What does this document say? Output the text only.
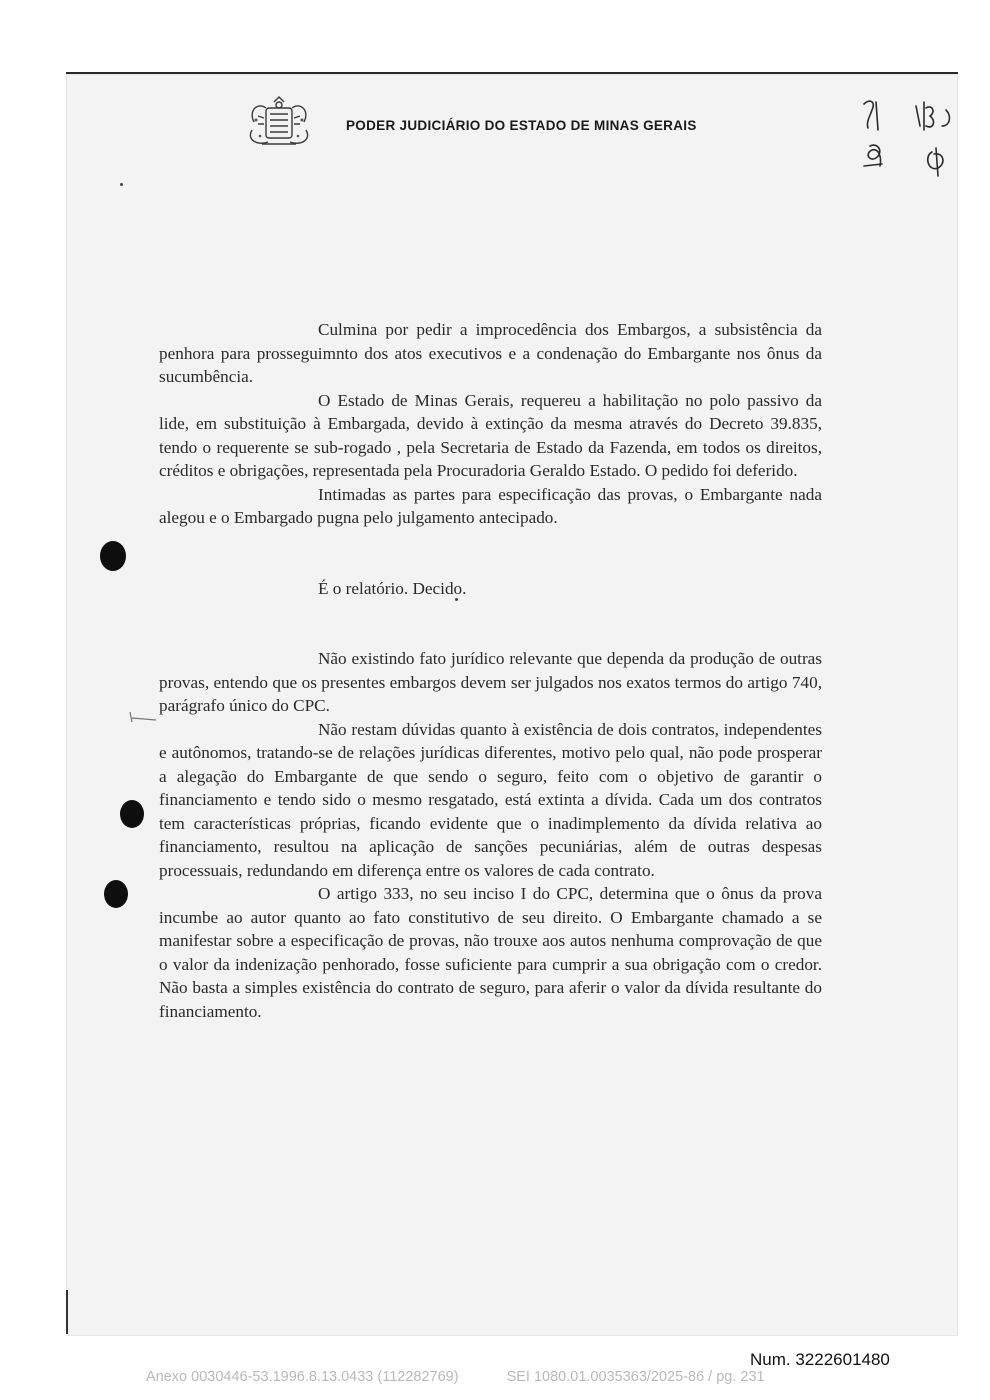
PODER JUDICIÁRIO DO ESTADO DE MINAS GERAIS

Culmina por pedir a improcedência dos Embargos, a subsistência da penhora para prosseguimnto dos atos executivos e a condenação do Embargante nos ônus da sucumbência.

O Estado de Minas Gerais, requereu a habilitação no polo passivo da lide, em substituição à Embargada, devido à extinção da mesma através do Decreto 39.835, tendo o requerente se sub-rogado , pela Secretaria de Estado da Fazenda, em todos os direitos, créditos e obrigações, representada pela Procuradoria Geraldo Estado. O pedido foi deferido.

Intimadas as partes para especificação das provas, o Embargante nada alegou e o Embargado pugna pelo julgamento antecipado.

É o relatório. Decido.

Não existindo fato jurídico relevante que dependa da produção de outras provas, entendo que os presentes embargos devem ser julgados nos exatos termos do artigo 740, parágrafo único do CPC.

Não restam dúvidas quanto à existência de dois contratos, independentes e autônomos, tratando-se de relações jurídicas diferentes, motivo pelo qual, não pode prosperar a alegação do Embargante de que sendo o seguro, feito com o objetivo de garantir o financiamento e tendo sido o mesmo resgatado, está extinta a dívida. Cada um dos contratos tem características próprias, ficando evidente que o inadimplemento da dívida relativa ao financiamento, resultou na aplicação de sanções pecuniárias, além de outras despesas processuais, redundando em diferença entre os valores de cada contrato.

O artigo 333, no seu inciso I do CPC, determina que o ônus da prova incumbe ao autor quanto ao fato constitutivo de seu direito. O Embargante chamado a se manifestar sobre a especificação de provas, não trouxe aos autos nenhuma comprovação de que o valor da indenização penhorado, fosse suficiente para cumprir a sua obrigação com o credor. Não basta a simples existência do contrato de seguro, para aferir o valor da dívida resultante do financiamento.

Num. 3222601480
Anexo 0030446-53.1996.8.13.0433 (112282769)	SEI 1080.01.0035363/2025-86 / pg. 231
